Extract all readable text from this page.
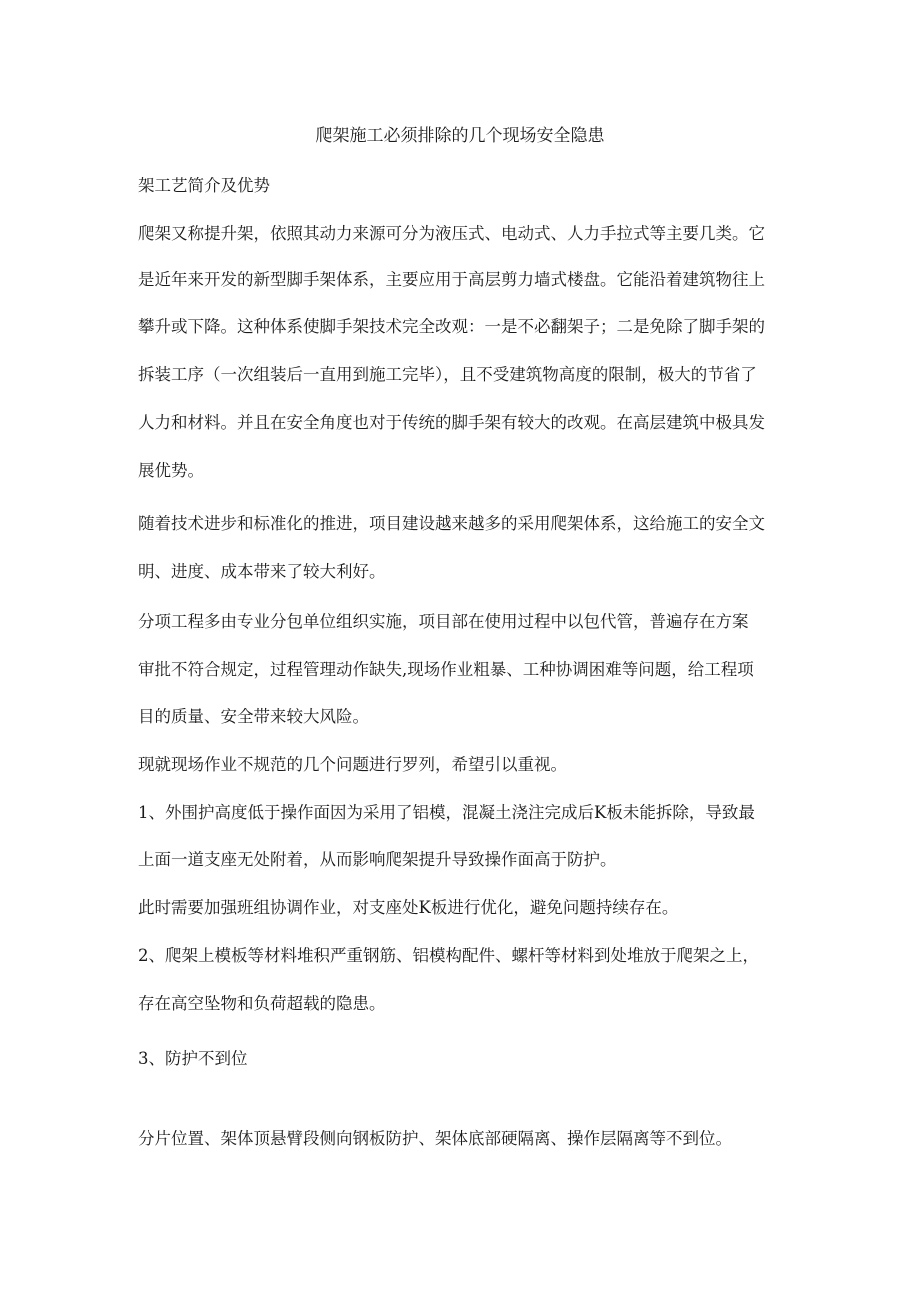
爬架施工必须排除的几个现场安全隐患
架工艺简介及优势
爬架又称提升架，依照其动力来源可分为液压式、电动式、人力手拉式等主要几类。它
是近年来开发的新型脚手架体系，主要应用于高层剪力墙式楼盘。它能沿着建筑物往上
攀升或下降。这种体系使脚手架技术完全改观：一是不必翻架子；二是免除了脚手架的
拆装工序（一次组装后一直用到施工完毕），且不受建筑物高度的限制，极大的节省了
人力和材料。并且在安全角度也对于传统的脚手架有较大的改观。在高层建筑中极具发
展优势。
随着技术进步和标准化的推进，项目建设越来越多的采用爬架体系，这给施工的安全文
明、进度、成本带来了较大利好。
分项工程多由专业分包单位组织实施，项目部在使用过程中以包代管，普遍存在方案
审批不符合规定，过程管理动作缺失,现场作业粗暴、工种协调困难等问题，给工程项
目的质量、安全带来较大风险。
现就现场作业不规范的几个问题进行罗列，希望引以重视。
1、外围护高度低于操作面因为采用了铝模，混凝土浇注完成后K板未能拆除，导致最
上面一道支座无处附着，从而影响爬架提升导致操作面高于防护。
此时需要加强班组协调作业，对支座处K板进行优化，避免问题持续存在。
2、爬架上模板等材料堆积严重钢筋、铝模构配件、螺杆等材料到处堆放于爬架之上，
存在高空坠物和负荷超载的隐患。
3、防护不到位
分片位置、架体顶悬臂段侧向钢板防护、架体底部硬隔离、操作层隔离等不到位。
